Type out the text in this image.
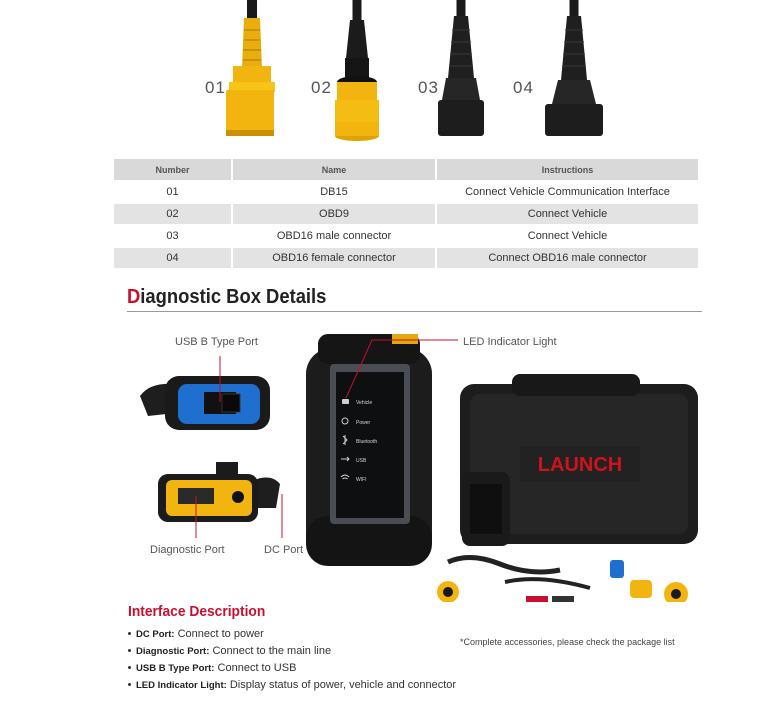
01	02	03	04
Number	Name	Instructions
01	DB15	Connect Vehicle Communication Interface
02	OBD9	Connect Vehicle
03	OBD16 male connector	Connect Vehicle
04	OBD16 female connector	Connect OBD16 male connector
Diagnostic Box Details
Vehicle
Power
Bluetooth
USB
WIFI
LAUNCH
USB B Type Port	LED Indicator Light
Diagnostic Port	DC Port
Interface Description
DC Port: Connect to power
Diagnostic Port: Connect to the main line
USB B Type Port: Connect to USB
LED Indicator Light: Display status of power, vehicle and connector
*Complete accessories, please check the package list
